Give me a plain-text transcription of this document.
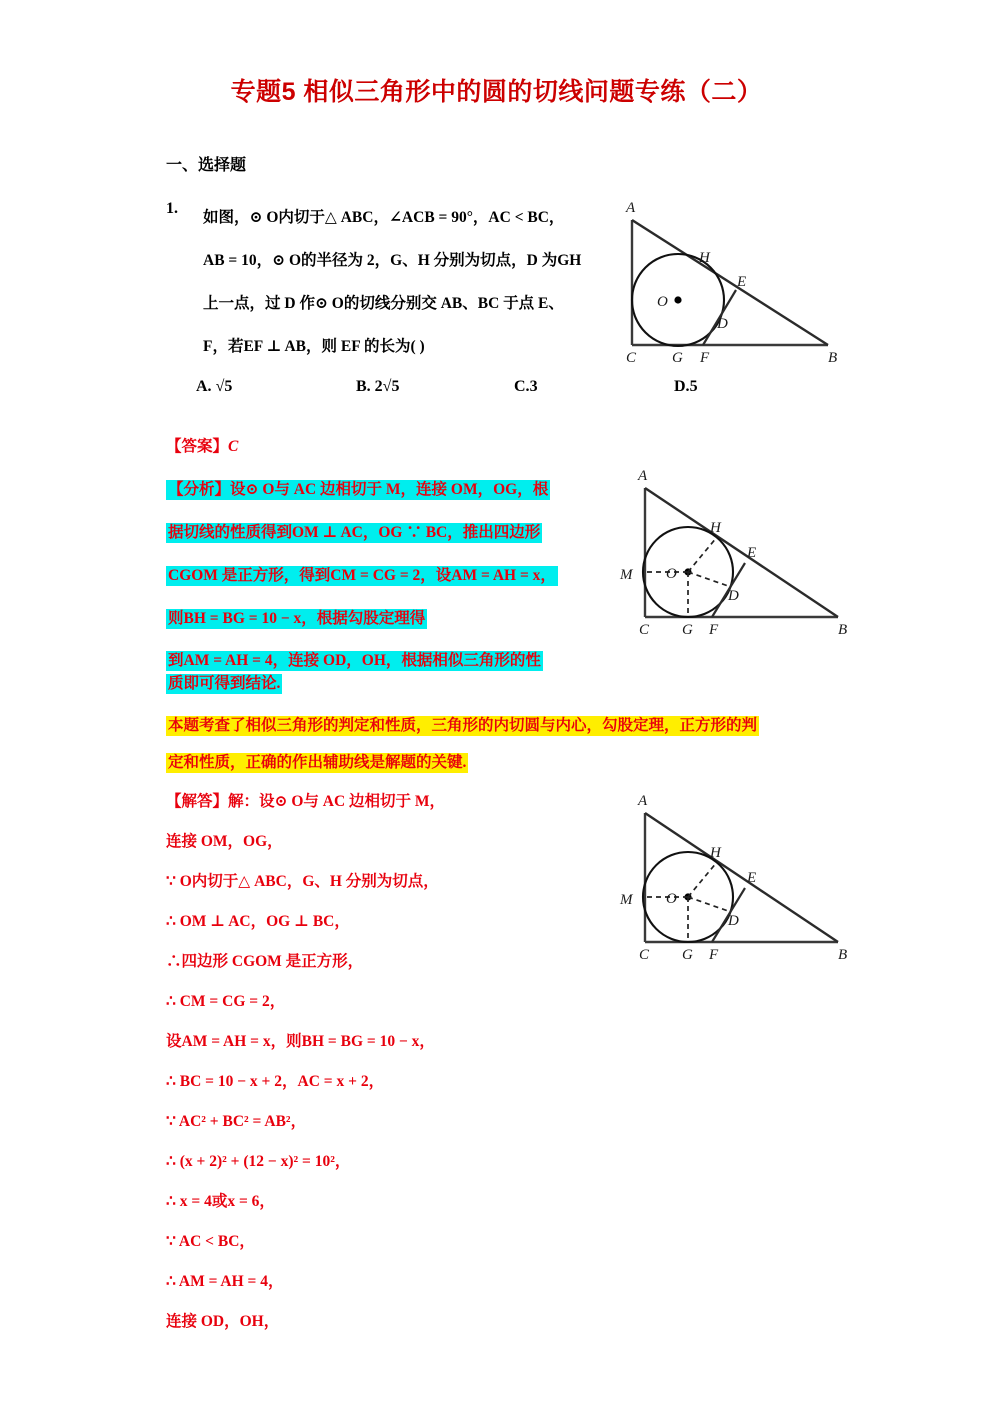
专题5 相似三角形中的圆的切线问题专练（二）
一、选择题
1.
如图，⊙ O内切于△ ABC，∠ACB = 90°，AC < BC，
AB = 10，⊙ O的半径为 2，G、H 分别为切点，D 为GH
上一点，过 D 作⊙ O的切线分别交 AB、BC 于点 E、
F，若EF ⊥ AB，则 EF 的长为( )
A. √5	B. 2√5	C.3	D.5
【答案】C
【分析】设⊙ O与 AC 边相切于 M，连接 OM，OG，根
据切线的性质得到OM ⊥ AC，OG ∵ BC，推出四边形
CGOM 是正方形，得到CM = CG = 2，设AM = AH = x，
则BH = BG = 10 − x，根据勾股定理得
到AM = AH = 4，连接 OD，OH，根据相似三角形的性
质即可得到结论.
本题考查了相似三角形的判定和性质，三角形的内切圆与内心，勾股定理，正方形的判
定和性质，正确的作出辅助线是解题的关键.
【解答】解：设⊙ O与 AC 边相切于 M，
连接 OM，OG，
∵ O内切于△ ABC，G、H 分别为切点，
∴ OM ⊥ AC，OG ⊥ BC，
∴四边形 CGOM 是正方形，
∴ CM = CG = 2，
设AM = AH = x，则BH = BG = 10 − x，
∴ BC = 10 − x + 2，AC = x + 2，
∵ AC² + BC² = AB²，
∴ (x + 2)² + (12 − x)² = 10²，
∴ x = 4或x = 6，
∵ AC < BC，
∴ AM = AH = 4，
连接 OD，OH，
A
H
E
O
D
B
C G F
A
H
E
M O
D
B
C G F
A
H
E
M O
D
B
C G F
